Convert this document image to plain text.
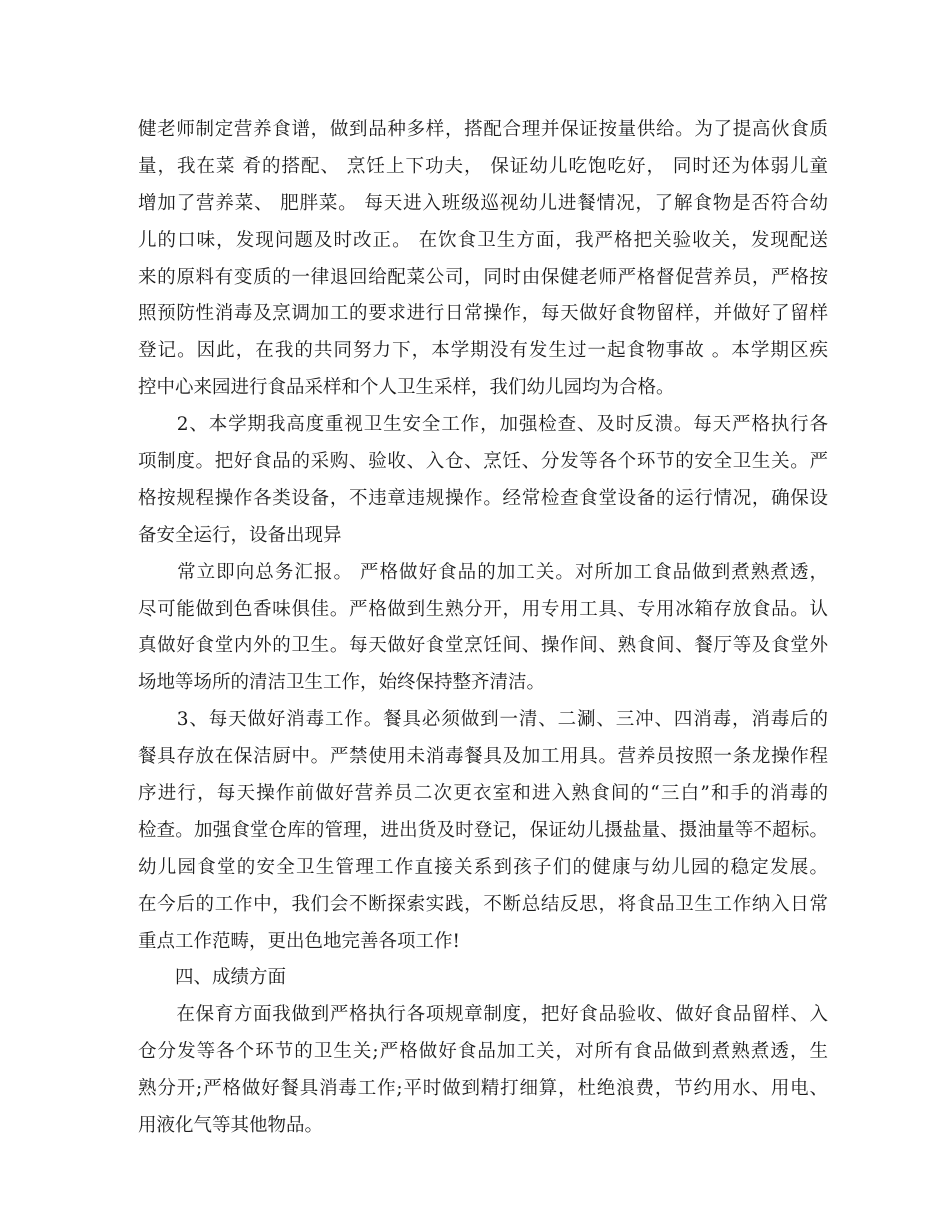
健老师制定营养食谱，做到品种多样，搭配合理并保证按量供给。为了提高伙食质
量，我在菜 肴的搭配、 烹饪上下功夫， 保证幼儿吃饱吃好， 同时还为体弱儿童
增加了营养菜、 肥胖菜。 每天进入班级巡视幼儿进餐情况，了解食物是否符合幼
儿的口味，发现问题及时改正。 在饮食卫生方面，我严格把关验收关，发现配送
来的原料有变质的一律退回给配菜公司，同时由保健老师严格督促营养员，严格按
照预防性消毒及烹调加工的要求进行日常操作，每天做好食物留样，并做好了留样
登记。因此，在我的共同努力下，本学期没有发生过一起食物事故 。本学期区疾
控中心来园进行食品采样和个人卫生采样，我们幼儿园均为合格。
　　2、本学期我高度重视卫生安全工作，加强检查、及时反溃。每天严格执行各
项制度。把好食品的采购、验收、入仓、烹饪、分发等各个环节的安全卫生关。严
格按规程操作各类设备，不违章违规操作。经常检查食堂设备的运行情况，确保设
备安全运行，设备出现异
　　常立即向总务汇报。 严格做好食品的加工关。对所加工食品做到煮熟煮透，
尽可能做到色香味俱佳。严格做到生熟分开，用专用工具、专用冰箱存放食品。认
真做好食堂内外的卫生。每天做好食堂烹饪间、操作间、熟食间、餐厅等及食堂外
场地等场所的清洁卫生工作，始终保持整齐清洁。
　　3、每天做好消毒工作。餐具必须做到一清、二涮、三冲、四消毒，消毒后的
餐具存放在保洁厨中。严禁使用未消毒餐具及加工用具。营养员按照一条龙操作程
序进行，每天操作前做好营养员二次更衣室和进入熟食间的“三白”和手的消毒的
检查。加强食堂仓库的管理，进出货及时登记，保证幼儿摄盐量、摄油量等不超标。
幼儿园食堂的安全卫生管理工作直接关系到孩子们的健康与幼儿园的稳定发展。
在今后的工作中，我们会不断探索实践，不断总结反思，将食品卫生工作纳入日常
重点工作范畴，更出色地完善各项工作!
　　四、成绩方面
　　在保育方面我做到严格执行各项规章制度，把好食品验收、做好食品留样、入
仓分发等各个环节的卫生关;严格做好食品加工关，对所有食品做到煮熟煮透，生
熟分开;严格做好餐具消毒工作;平时做到精打细算，杜绝浪费，节约用水、用电、
用液化气等其他物品。
